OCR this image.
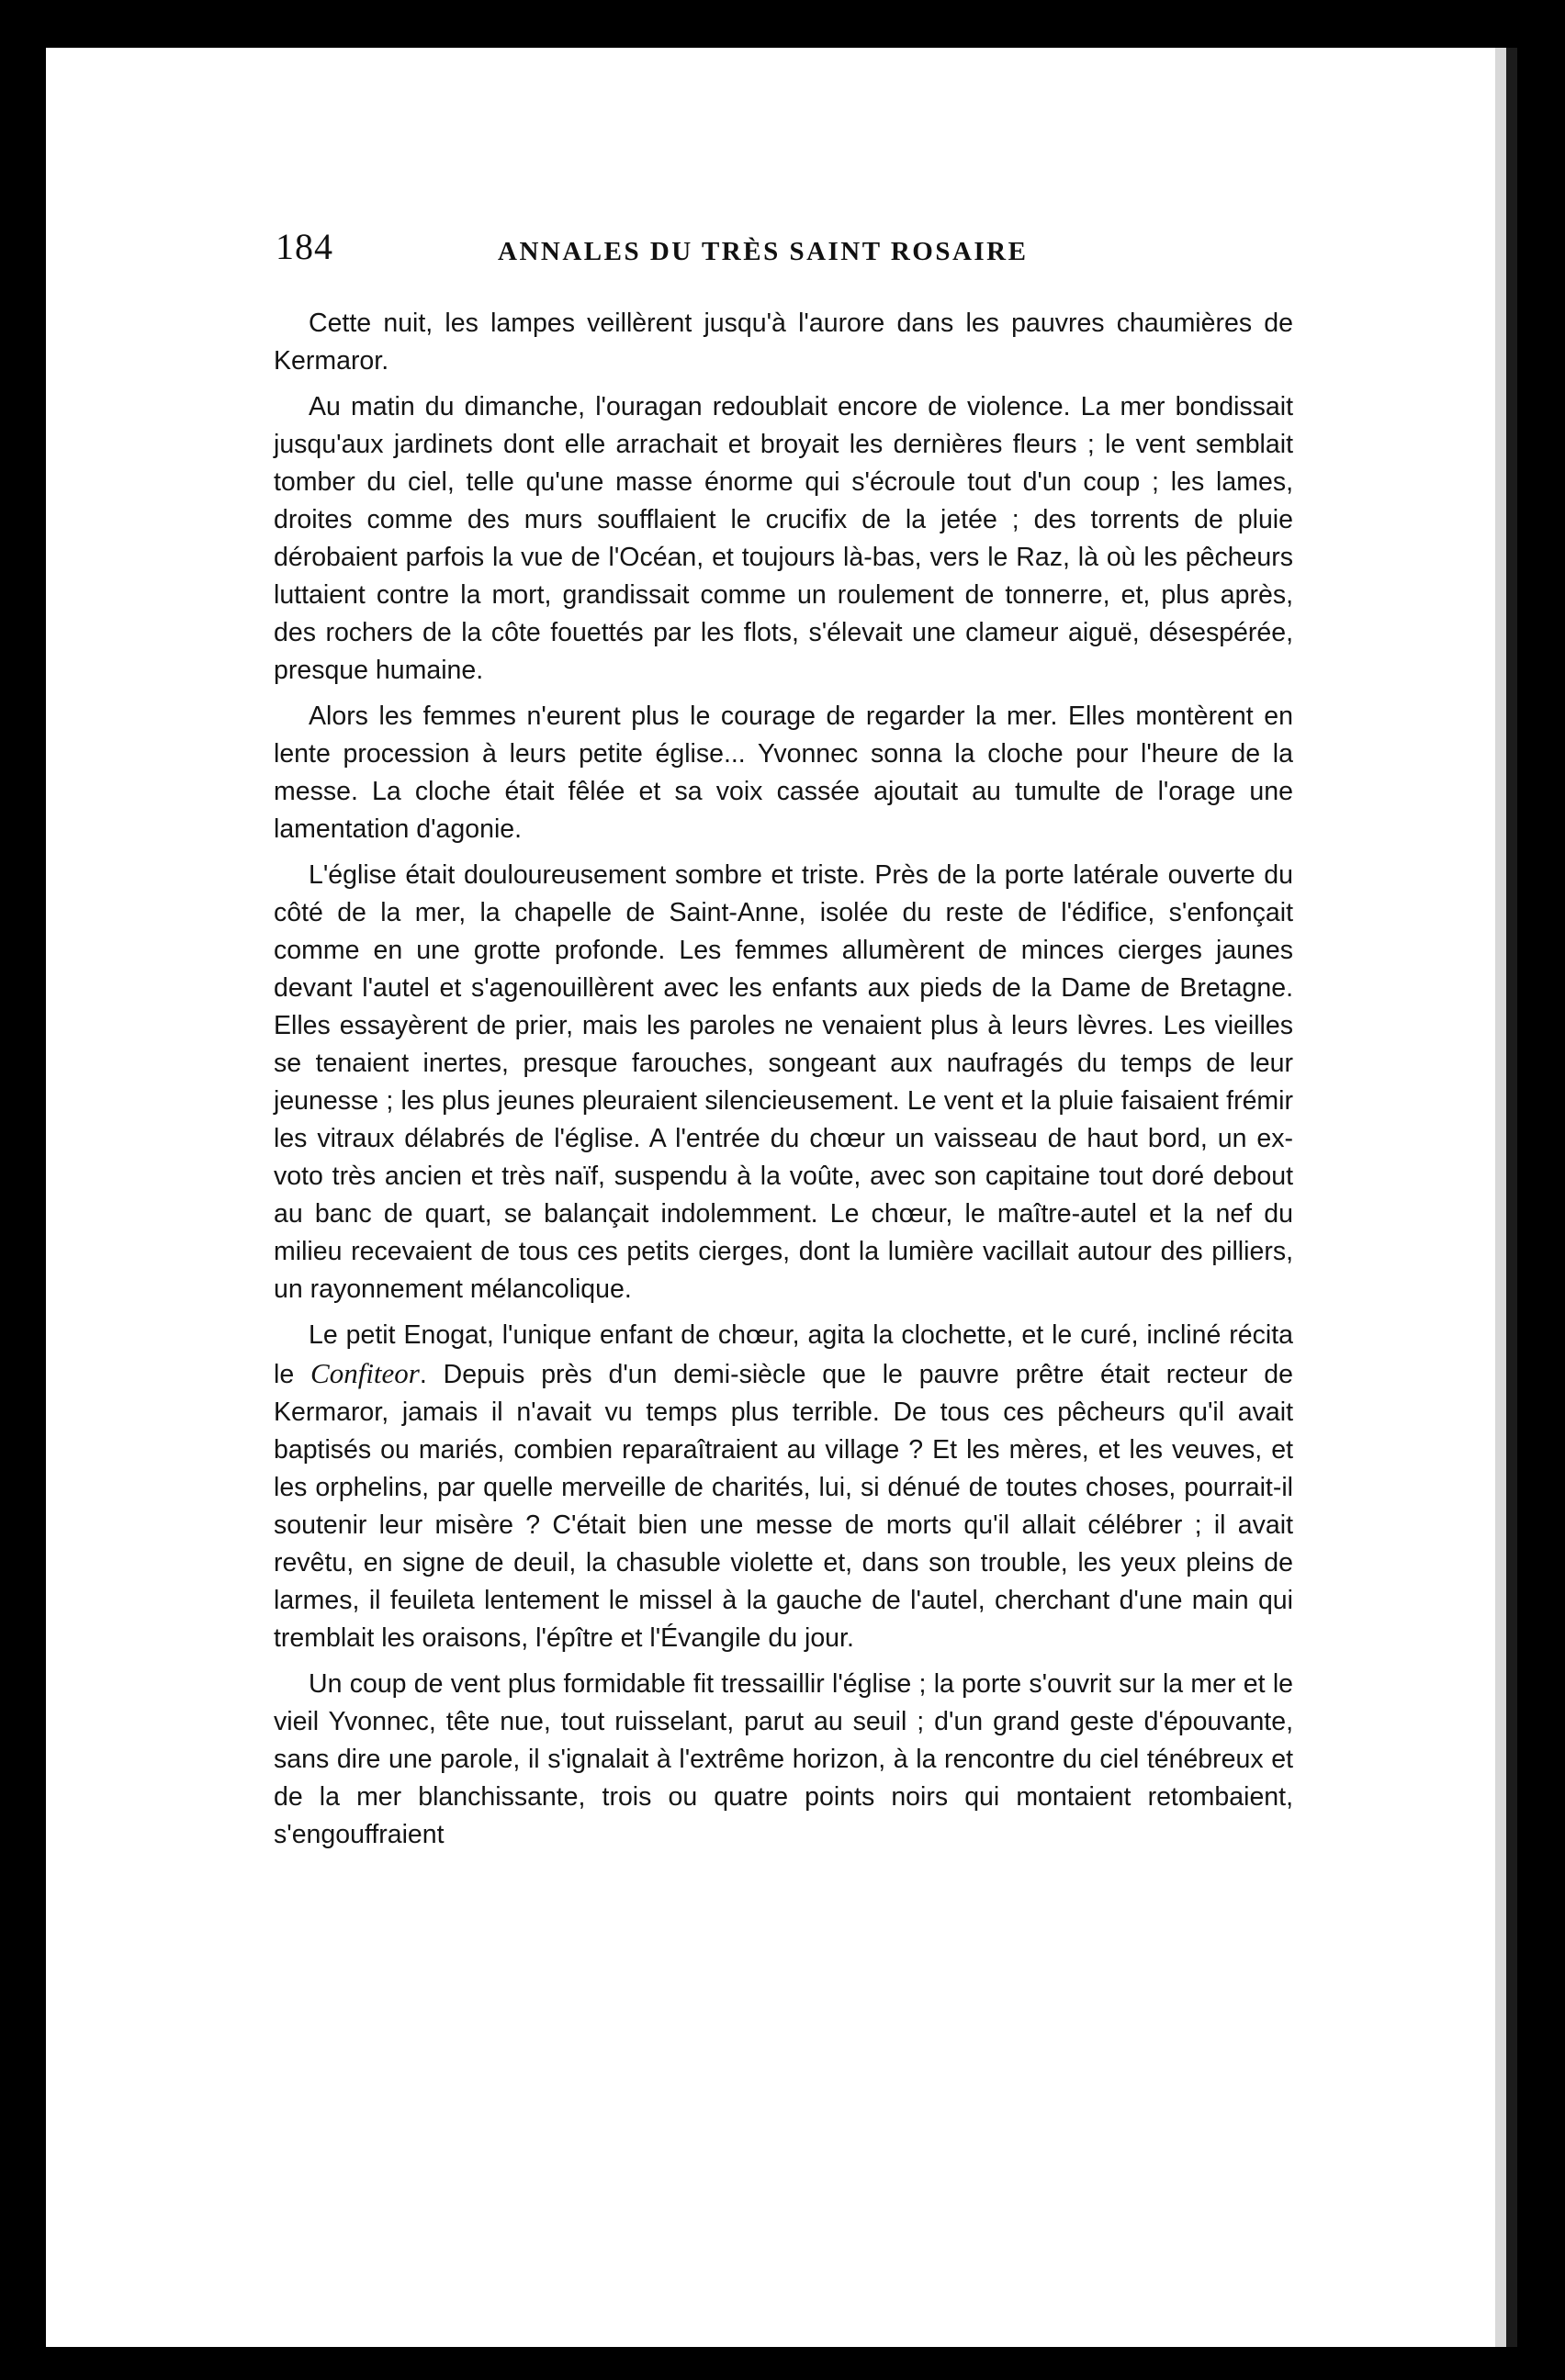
184	ANNALES DU TRÈS SAINT ROSAIRE

Cette nuit, les lampes veillèrent jusqu'à l'aurore dans les pauvres chaumières de Kermaror.

Au matin du dimanche, l'ouragan redoublait encore de violence. La mer bondissait jusqu'aux jardinets dont elle arrachait et broyait les dernières fleurs ; le vent semblait tomber du ciel, telle qu'une masse énorme qui s'écroule tout d'un coup ; les lames, droites comme des murs soufflaient le crucifix de la jetée ; des torrents de pluie dérobaient parfois la vue de l'Océan, et toujours là-bas, vers le Raz, là où les pêcheurs luttaient contre la mort, grandissait comme un roulement de tonnerre, et, plus après, des rochers de la côte fouettés par les flots, s'élevait une clameur aiguë, désespérée, presque humaine.

Alors les femmes n'eurent plus le courage de regarder la mer. Elles montèrent en lente procession à leurs petite église... Yvonnec sonna la cloche pour l'heure de la messe. La cloche était fêlée et sa voix cassée ajoutait au tumulte de l'orage une lamentation d'agonie.

L'église était douloureusement sombre et triste. Près de la porte latérale ouverte du côté de la mer, la chapelle de Saint-Anne, isolée du reste de l'édifice, s'enfonçait comme en une grotte profonde. Les femmes allumèrent de minces cierges jaunes devant l'autel et s'agenouillèrent avec les enfants aux pieds de la Dame de Bretagne. Elles essayèrent de prier, mais les paroles ne venaient plus à leurs lèvres. Les vieilles se tenaient inertes, presque farouches, songeant aux naufragés du temps de leur jeunesse ; les plus jeunes pleuraient silencieusement. Le vent et la pluie faisaient frémir les vitraux délabrés de l'église. A l'entrée du chœur un vaisseau de haut bord, un ex-voto très ancien et très naïf, suspendu à la voûte, avec son capitaine tout doré debout au banc de quart, se balançait indolemment. Le chœur, le maître-autel et la nef du milieu recevaient de tous ces petits cierges, dont la lumière vacillait autour des pilliers, un rayonnement mélancolique.

Le petit Enogat, l'unique enfant de chœur, agita la clochette, et le curé, incliné récita le Confiteor. Depuis près d'un demi-siècle que le pauvre prêtre était recteur de Kermaror, jamais il n'avait vu temps plus terrible. De tous ces pêcheurs qu'il avait baptisés ou mariés, combien reparaîtraient au village ? Et les mères, et les veuves, et les orphelins, par quelle merveille de charités, lui, si dénué de toutes choses, pourrait-il soutenir leur misère ? C'était bien une messe de morts qu'il allait célébrer ; il avait revêtu, en signe de deuil, la chasuble violette et, dans son trouble, les yeux pleins de larmes, il feuileta lentement le missel à la gauche de l'autel, cherchant d'une main qui tremblait les oraisons, l'épître et l'Évangile du jour.

Un coup de vent plus formidable fit tressaillir l'église ; la porte s'ouvrit sur la mer et le vieil Yvonnec, tête nue, tout ruisselant, parut au seuil ; d'un grand geste d'épouvante, sans dire une parole, il s'ignalait à l'extrême horizon, à la rencontre du ciel ténébreux et de la mer blanchissante, trois ou quatre points noirs qui montaient retombaient, s'engouffraient
